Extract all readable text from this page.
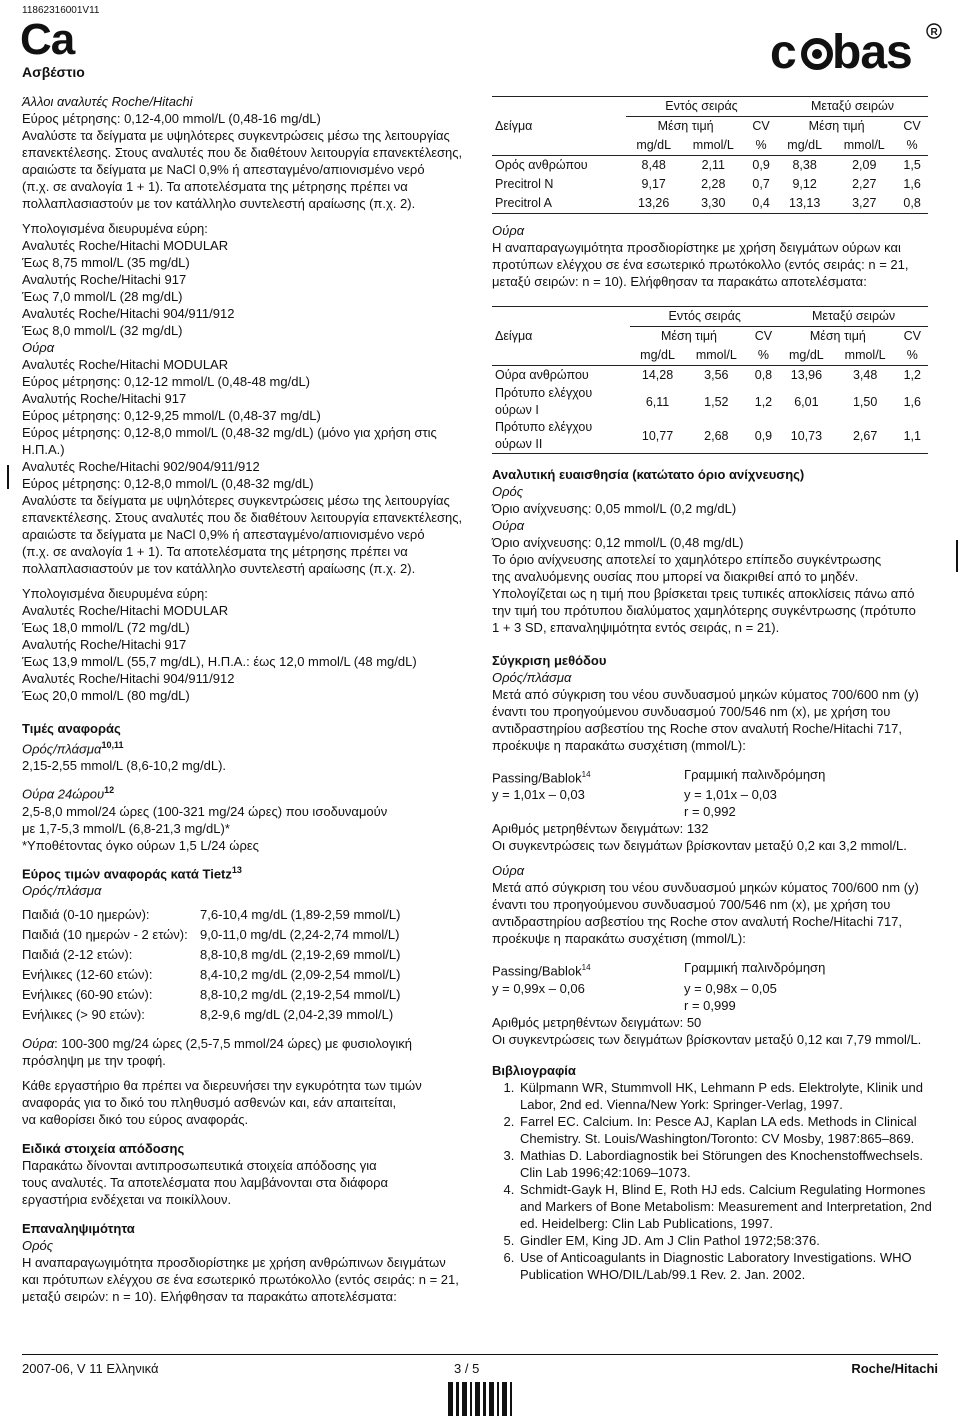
11862316001V11
Ca
Ασβέστιο	c bas R
Άλλοι αναλυτές Roche/Hitachi
Εύρος μέτρησης: 0,12-4,00 mmol/L (0,48-16 mg/dL)
Αναλύστε τα δείγματα με υψηλότερες συγκεντρώσεις μέσω της λειτουργίας
επανεκτέλεσης. Στους αναλυτές που δε διαθέτουν λειτουργία επανεκτέλεσης,
αραιώστε τα δείγματα με NaCl 0,9% ή απεσταγμένο/απιονισμένο νερό
(π.χ. σε αναλογία 1 + 1). Τα αποτελέσματα της μέτρησης πρέπει να
πολλαπλασιαστούν με τον κατάλληλο συντελεστή αραίωσης (π.χ. 2).
Υπολογισμένα διευρυμένα εύρη:
Αναλυτές Roche/Hitachi MODULAR
Έως 8,75 mmol/L (35 mg/dL)
Αναλυτής Roche/Hitachi 917
Έως 7,0 mmol/L (28 mg/dL)
Αναλυτές Roche/Hitachi 904/911/912
Έως 8,0 mmol/L (32 mg/dL)
Ούρα
Αναλυτές Roche/Hitachi MODULAR
Εύρος μέτρησης: 0,12-12 mmol/L (0,48-48 mg/dL)
Αναλυτής Roche/Hitachi 917
Εύρος μέτρησης: 0,12-9,25 mmol/L (0,48-37 mg/dL)
Εύρος μέτρησης: 0,12-8,0 mmol/L (0,48-32 mg/dL) (μόνο για χρήση στις Η.Π.Α.)
Αναλυτές Roche/Hitachi 902/904/911/912
Εύρος μέτρησης: 0,12-8,0 mmol/L (0,48-32 mg/dL)
Αναλύστε τα δείγματα με υψηλότερες συγκεντρώσεις μέσω της λειτουργίας
επανεκτέλεσης. Στους αναλυτές που δε διαθέτουν λειτουργία επανεκτέλεσης,
αραιώστε τα δείγματα με NaCl 0,9% ή απεσταγμένο/απιονισμένο νερό
(π.χ. σε αναλογία 1 + 1). Τα αποτελέσματα της μέτρησης πρέπει να
πολλαπλασιαστούν με τον κατάλληλο συντελεστή αραίωσης (π.χ. 2).
Υπολογισμένα διευρυμένα εύρη:
Αναλυτές Roche/Hitachi MODULAR
Έως 18,0 mmol/L (72 mg/dL)
Αναλυτής Roche/Hitachi 917
Έως 13,9 mmol/L (55,7 mg/dL), Η.Π.Α.: έως 12,0 mmol/L (48 mg/dL)
Αναλυτές Roche/Hitachi 904/911/912
Έως 20,0 mmol/L (80 mg/dL)
Τιμές αναφοράς
Ορός/πλάσμα$^{10,11}$
2,15-2,55 mmol/L (8,6-10,2 mg/dL).
Ούρα 24ώρου$^{12}$
2,5-8,0 mmol/24 ώρες (100-321 mg/24 ώρες) που ισοδυναμούν
με 1,7-5,3 mmol/L (6,8-21,3 mg/dL)*
*Υποθέτοντας όγκο ούρων 1,5 L/24 ώρες
Εύρος τιμών αναφοράς κατά Tietz$^{13}$
Ορός/πλάσμα
Παιδιά (0-10 ημερών):	7,6-10,4 mg/dL (1,89-2,59 mmol/L)
Παιδιά (10 ημερών - 2 ετών): 9,0-11,0 mg/dL (2,24-2,74 mmol/L)
Παιδιά (2-12 ετών):	8,8-10,8 mg/dL (2,19-2,69 mmol/L)
Ενήλικες (12-60 ετών):	8,4-10,2 mg/dL (2,09-2,54 mmol/L)
Ενήλικες (60-90 ετών):	8,8-10,2 mg/dL (2,19-2,54 mmol/L)
Ενήλικες (> 90 ετών):	8,2-9,6 mg/dL (2,04-2,39 mmol/L)
Ούρα: 100-300 mg/24 ώρες (2,5-7,5 mmol/24 ώρες) με φυσιολογική
πρόσληψη με την τροφή.
Κάθε εργαστήριο θα πρέπει να διερευνήσει την εγκυρότητα των τιμών
αναφοράς για το δικό του πληθυσμό ασθενών και, εάν απαιτείται,
να καθορίσει δικό του εύρος αναφοράς.
Ειδικά στοιχεία απόδοσης
Παρακάτω δίνονται αντιπροσωπευτικά στοιχεία απόδοσης για
τους αναλυτές. Τα αποτελέσματα που λαμβάνονται στα διάφορα
εργαστήρια ενδέχεται να ποικίλλουν.
Επαναληψιμότητα
Ορός
Η αναπαραγωγιμότητα προσδιορίστηκε με χρήση ανθρώπινων δειγμάτων
και πρότυπων ελέγχου σε ένα εσωτερικό πρωτόκολλο (εντός σειράς: n = 21,
μεταξύ σειρών: n = 10). Ελήφθησαν τα παρακάτω αποτελέσματα:
	Εντός σειράς			Μεταξύ σειρών		
Δείγμα	Μέση τιμή		CV	Μέση τιμή		CV
	mg/dL	mmol/L	%	mg/dL	mmol/L	%
Ορός ανθρώπου	8,48	2,11	0,9	8,38	2,09	1,5
Precitrol N	9,17	2,28	0,7	9,12	2,27	1,6
Precitrol A	13,26	3,30	0,4	13,13	3,27	0,8
Ούρα
Η αναπαραγωγιμότητα προσδιορίστηκε με χρήση δειγμάτων ούρων και
προτύπων ελέγχου σε ένα εσωτερικό πρωτόκολλο (εντός σειράς: n = 21,
μεταξύ σειρών: n = 10). Ελήφθησαν τα παρακάτω αποτελέσματα:
	Εντός σειράς			Μεταξύ σειρών		
Δείγμα	Μέση τιμή		CV	Μέση τιμή		CV
	mg/dL	mmol/L	%	mg/dL	mmol/L	%
Ούρα ανθρώπου	14,28	3,56	0,8	13,96	3,48	1,2
Πρότυπο ελέγχου
ούρων I	6,11	1,52	1,2	6,01	1,50	1,6
Πρότυπο ελέγχου
ούρων II	10,77	2,68	0,9	10,73	2,67	1,1
Αναλυτική ευαισθησία (κατώτατο όριο ανίχνευσης)
Ορός
Όριο ανίχνευσης: 0,05 mmol/L (0,2 mg/dL)
Ούρα
Όριο ανίχνευσης: 0,12 mmol/L (0,48 mg/dL)
Το όριο ανίχνευσης αποτελεί το χαμηλότερο επίπεδο συγκέντρωσης
της αναλυόμενης ουσίας που μπορεί να διακριθεί από το μηδέν.
Υπολογίζεται ως η τιμή που βρίσκεται τρεις τυπικές αποκλίσεις πάνω από
την τιμή του πρότυπου διαλύματος χαμηλότερης συγκέντρωσης (πρότυπο
1 + 3 SD, επαναληψιμότητα εντός σειράς, n = 21).
Σύγκριση μεθόδου
Ορός/πλάσμα
Μετά από σύγκριση του νέου συνδυασμού μηκών κύματος 700/600 nm (y)
έναντι του προηγούμενου συνδυασμού 700/546 nm (x), με χρήση του
αντιδραστηρίου ασβεστίου της Roche στον αναλυτή Roche/Hitachi 717,
προέκυψε η παρακάτω συσχέτιση (mmol/L):
Passing/Bablok$^{14}$	Γραμμική παλινδρόμηση
y = 1,01x – 0,03	y = 1,01x – 0,03
r = 0,992
Αριθμός μετρηθέντων δειγμάτων: 132
Οι συγκεντρώσεις των δειγμάτων βρίσκονταν μεταξύ 0,2 και 3,2 mmol/L.
Ούρα
Μετά από σύγκριση του νέου συνδυασμού μηκών κύματος 700/600 nm (y)
έναντι του προηγούμενου συνδυασμού 700/546 nm (x), με χρήση του
αντιδραστηρίου ασβεστίου της Roche στον αναλυτή Roche/Hitachi 717,
προέκυψε η παρακάτω συσχέτιση (mmol/L):
Passing/Bablok$^{14}$	Γραμμική παλινδρόμηση
y = 0,99x – 0,06	y = 0,98x – 0,05
r = 0,999
Αριθμός μετρηθέντων δειγμάτων: 50
Οι συγκεντρώσεις των δειγμάτων βρίσκονταν μεταξύ 0,12 και 7,79 mmol/L.
Βιβλιογραφία
1. Külpmann WR, Stummvoll HK, Lehmann P eds. Elektrolyte, Klinik und Labor, 2nd ed. Vienna/New York: Springer-Verlag, 1997.
2. Farrel EC. Calcium. In: Pesce AJ, Kaplan LA eds. Methods in Clinical Chemistry. St. Louis/Washington/Toronto: CV Mosby, 1987:865–869.
3. Mathias D. Labordiagnostik bei Störungen des Knochenstoffwechsels. Clin Lab 1996;42:1069–1073.
4. Schmidt-Gayk H, Blind E, Roth HJ eds. Calcium Regulating Hormones and Markers of Bone Metabolism: Measurement and Interpretation, 2nd ed. Heidelberg: Clin Lab Publications, 1997.
5. Gindler EM, King JD. Am J Clin Pathol 1972;58:376.
6. Use of Anticoagulants in Diagnostic Laboratory Investigations. WHO Publication WHO/DIL/Lab/99.1 Rev. 2. Jan. 2002.
2007-06, V 11 Ελληνικά	3 / 5	Roche/Hitachi
